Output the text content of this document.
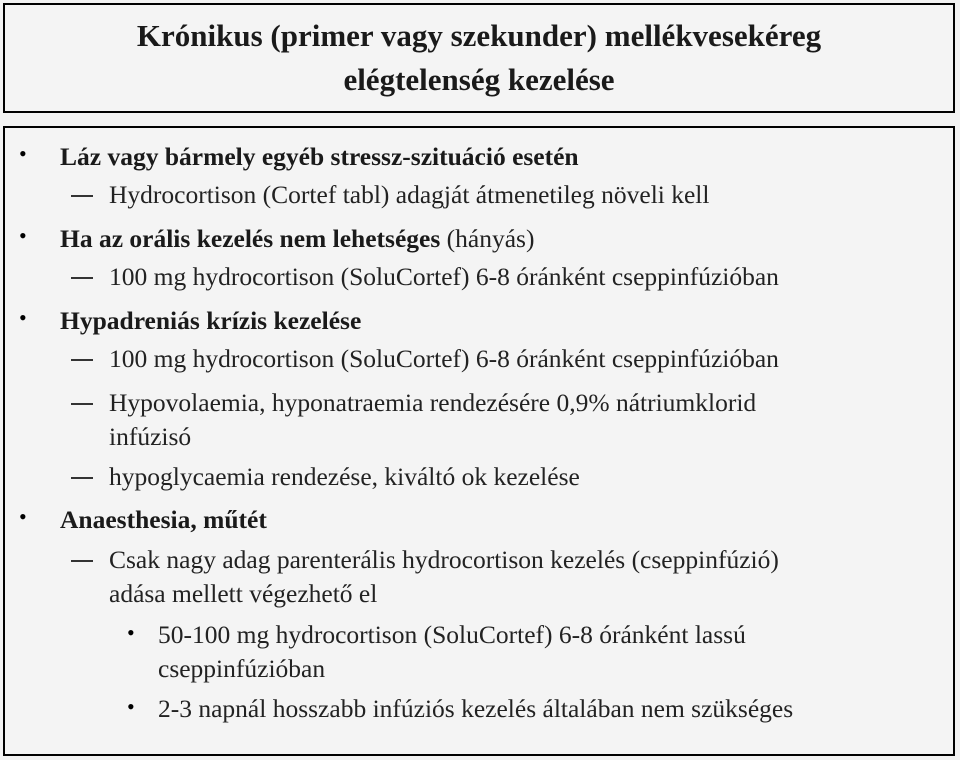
Krónikus (primer vagy szekunder) mellékvesekéreg
elégtelenség kezelése
• Láz vagy bármely egyéb stressz-szituáció esetén
Hydrocortison (Cortef tabl) adagját átmenetileg növeli kell
• Ha az orális kezelés nem lehetséges (hányás)
100 mg hydrocortison (SoluCortef) 6-8 óránként cseppinfúzióban
• Hypadreniás krízis kezelése
100 mg hydrocortison (SoluCortef) 6-8 óránként cseppinfúzióban
Hypovolaemia, hyponatraemia rendezésére 0,9% nátriumklorid
infúzisó
hypoglycaemia rendezése, kiváltó ok kezelése
• Anaesthesia, műtét
Csak nagy adag parenterális hydrocortison kezelés (cseppinfúzió)
adása mellett végezhető el
• 50-100 mg hydrocortison (SoluCortef) 6-8 óránként lassú
cseppinfúzióban
• 2-3 napnál hosszabb infúziós kezelés általában nem szükséges
